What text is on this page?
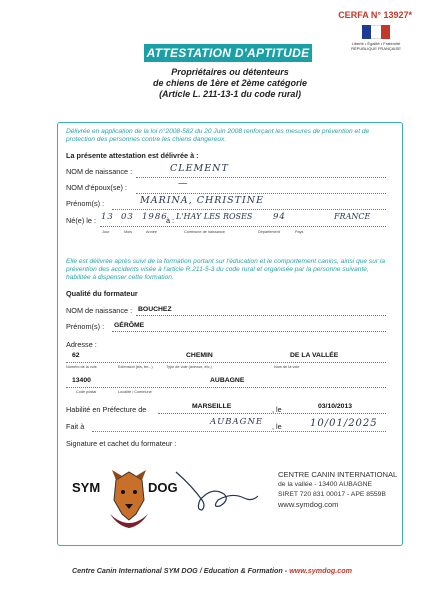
CERFA N° 13927*
Liberté • Égalité • Fraternité RÉPUBLIQUE FRANÇAISE
ATTESTATION D'APTITUDE
Propriétaires ou détenteurs
de chiens de 1ère et 2ème catégorie
(Article L. 211-13-1 du code rural)
Délivrée en application de la loi n°2008-582 du 20 Juin 2008 renforçant les mesures de prévention et de protection des personnes contre les chiens dangereux.
La présente attestation est délivrée à :
NOM de naissance :	CLEMENT
NOM d'époux(se) :	—
Prénom(s) :	MARINA, CHRISTINE
Né(e) le : 13 03 1986
à : L'HAY LES ROSES 94	FRANCE
Jour	Mois	Année	Commune de naissance	Département	Pays
Elle est délivrée après suivi de la formation portant sur l'éducation et le comportement canins, ainsi que sur la prévention des accidents visée à l'article R.211-5-3 du code rural et organisée par la personne suivante, habilitée à dispenser cette formation.
Qualité du formateur
NOM de naissance : BOUCHEZ
Prénom(s) : GÉRÔME
Adresse :
62	CHEMIN	DE LA VALLÉE
Numéro de la voie	Extension (bis, ter...)	Type de voie (avenue, etc.)	Nom de la voie
13400	AUBAGNE
Code postal	Localité / Commune
Habilité en Préfecture de	MARSEILLE	, le	03/10/2013
Fait à	AUBAGNE , le	10/01/2025
Signature et cachet du formateur :
SYM	DOG
CENTRE CANIN INTERNATIONAL
de la vallée - 13400 AUBAGNE
SIRET 720 831 00017 - APE 8559B
www.symdog.com
Centre Canin International SYM DOG / Education & Formation - www.symdog.com
